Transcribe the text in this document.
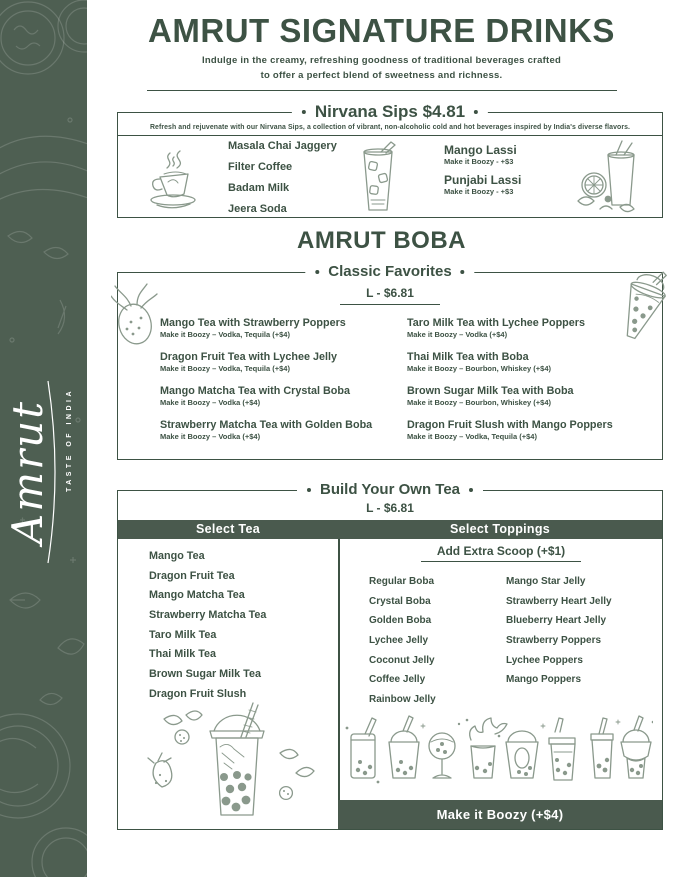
Amrut TASTE OF INDIA
AMRUT SIGNATURE DRINKS
Indulge in the creamy, refreshing goodness of traditional beverages crafted
to offer a perfect blend of sweetness and richness.
Nirvana Sips $4.81
Refresh and rejuvenate with our Nirvana Sips, a collection of vibrant, non-alcoholic cold and hot beverages inspired by India's diverse flavors.
Masala Chai Jaggery
Filter Coffee
Badam Milk
Jeera Soda
Mango Lassi
Make it Boozy - +$3
Punjabi Lassi
Make it Boozy - +$3
AMRUT BOBA
Classic Favorites
L - $6.81
Mango Tea with Strawberry Poppers
Make it Boozy – Vodka, Tequila (+$4)
Dragon Fruit Tea with Lychee Jelly
Make it Boozy – Vodka, Tequila (+$4)
Mango Matcha Tea with Crystal Boba
Make it Boozy – Vodka (+$4)
Strawberry Matcha Tea with Golden Boba
Make it Boozy – Vodka (+$4)
Taro Milk Tea with Lychee Poppers
Make it Boozy – Vodka (+$4)
Thai Milk Tea with Boba
Make it Boozy – Bourbon, Whiskey (+$4)
Brown Sugar Milk Tea with Boba
Make it Boozy – Bourbon, Whiskey (+$4)
Dragon Fruit Slush with Mango Poppers
Make it Boozy – Vodka, Tequila (+$4)
Build Your Own Tea
L - $6.81
Select Tea	Select Toppings
Mango Tea
Dragon Fruit Tea
Mango Matcha Tea
Strawberry Matcha Tea
Taro Milk Tea
Thai Milk Tea
Brown Sugar Milk Tea
Dragon Fruit Slush
Add Extra Scoop (+$1)
Regular Boba
Crystal Boba
Golden Boba
Lychee Jelly
Coconut Jelly
Coffee Jelly
Rainbow Jelly
Mango Star Jelly
Strawberry Heart Jelly
Blueberry Heart Jelly
Strawberry Poppers
Lychee Poppers
Mango Poppers
Make it Boozy (+$4)
